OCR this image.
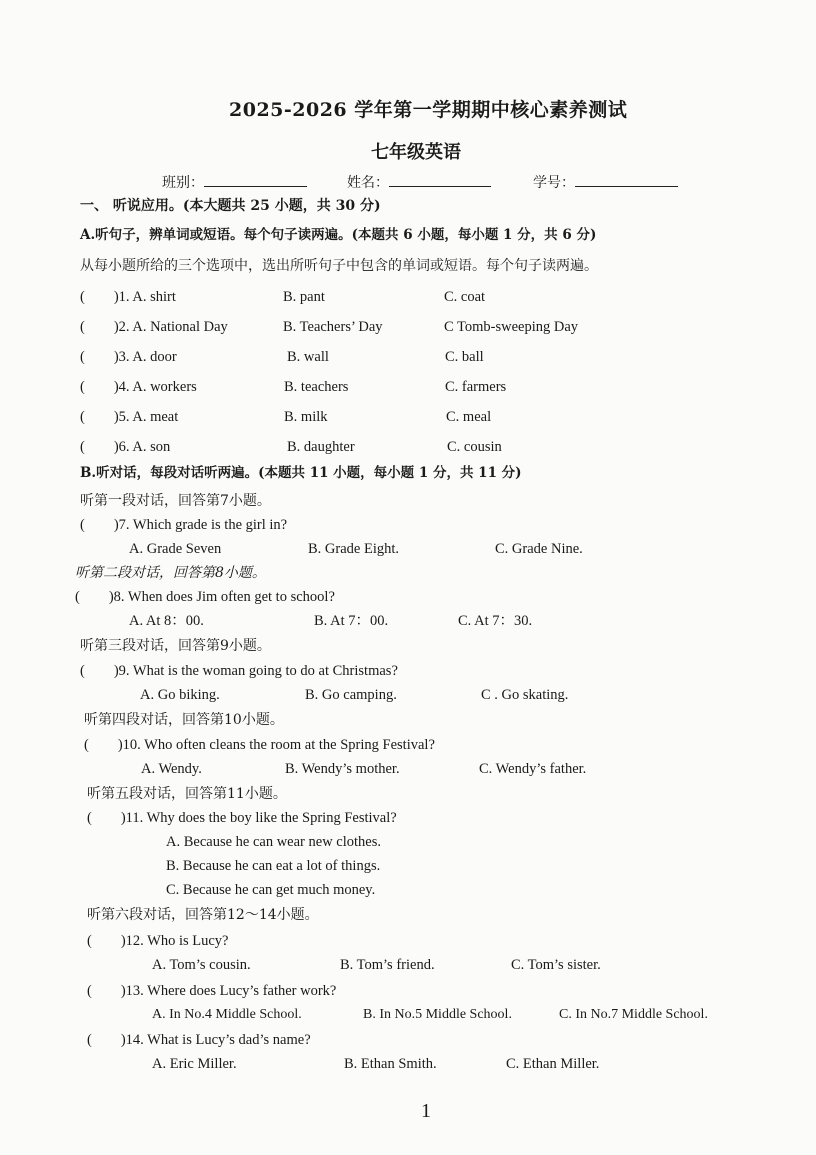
2025-2026 学年第一学期期中核心素养测试
七年级英语
班别：	姓名：	学号：
一、 听说应用。(本大题共 25 小题，共 30 分)
A.听句子，辨单词或短语。每个句子读两遍。(本题共 6 小题，每小题 1 分，共 6 分)
从每小题所给的三个选项中，选出所听句子中包含的单词或短语。每个句子读两遍。
(　　)1. A. shirt	B. pant	C. coat
(　　)2. A. National Day	B. Teachers’ Day	C Tomb-sweeping Day
(　　)3. A. door	B. wall	C. ball
(　　)4. A. workers	B. teachers	C. farmers
(　　)5. A. meat	B. milk	C. meal
(　　)6. A. son	B. daughter	C. cousin
B.听对话，每段对话听两遍。(本题共 11 小题，每小题 1 分，共 11 分)
听第一段对话，回答第7小题。
(　　)7. Which grade is the girl in?
A. Grade Seven	B. Grade Eight.	C. Grade Nine.
听第二段对话，回答第8小题。
(　　)8. When does Jim often get to school?
A. At 8：00.	B. At 7：00.	C. At 7：30.
听第三段对话，回答第9小题。
(　　)9. What is the woman going to do at Christmas?
A. Go biking.	B. Go camping.	C . Go skating.
听第四段对话，回答第10小题。
(　　)10. Who often cleans the room at the Spring Festival?
A. Wendy.	B. Wendy’s mother.	C. Wendy’s father.
听第五段对话，回答第11小题。
(　　)11. Why does the boy like the Spring Festival?
A. Because he can wear new clothes.
B. Because he can eat a lot of things.
C. Because he can get much money.
听第六段对话，回答第12～14小题。
(　　)12. Who is Lucy?
A. Tom’s cousin.	B. Tom’s friend.	C. Tom’s sister.
(　　)13. Where does Lucy’s father work?
A. In No.4 Middle School.	B. In No.5 Middle School.	C. In No.7 Middle School.
(　　)14. What is Lucy’s dad’s name?
A. Eric Miller.	B. Ethan Smith.	C. Ethan Miller.
1
